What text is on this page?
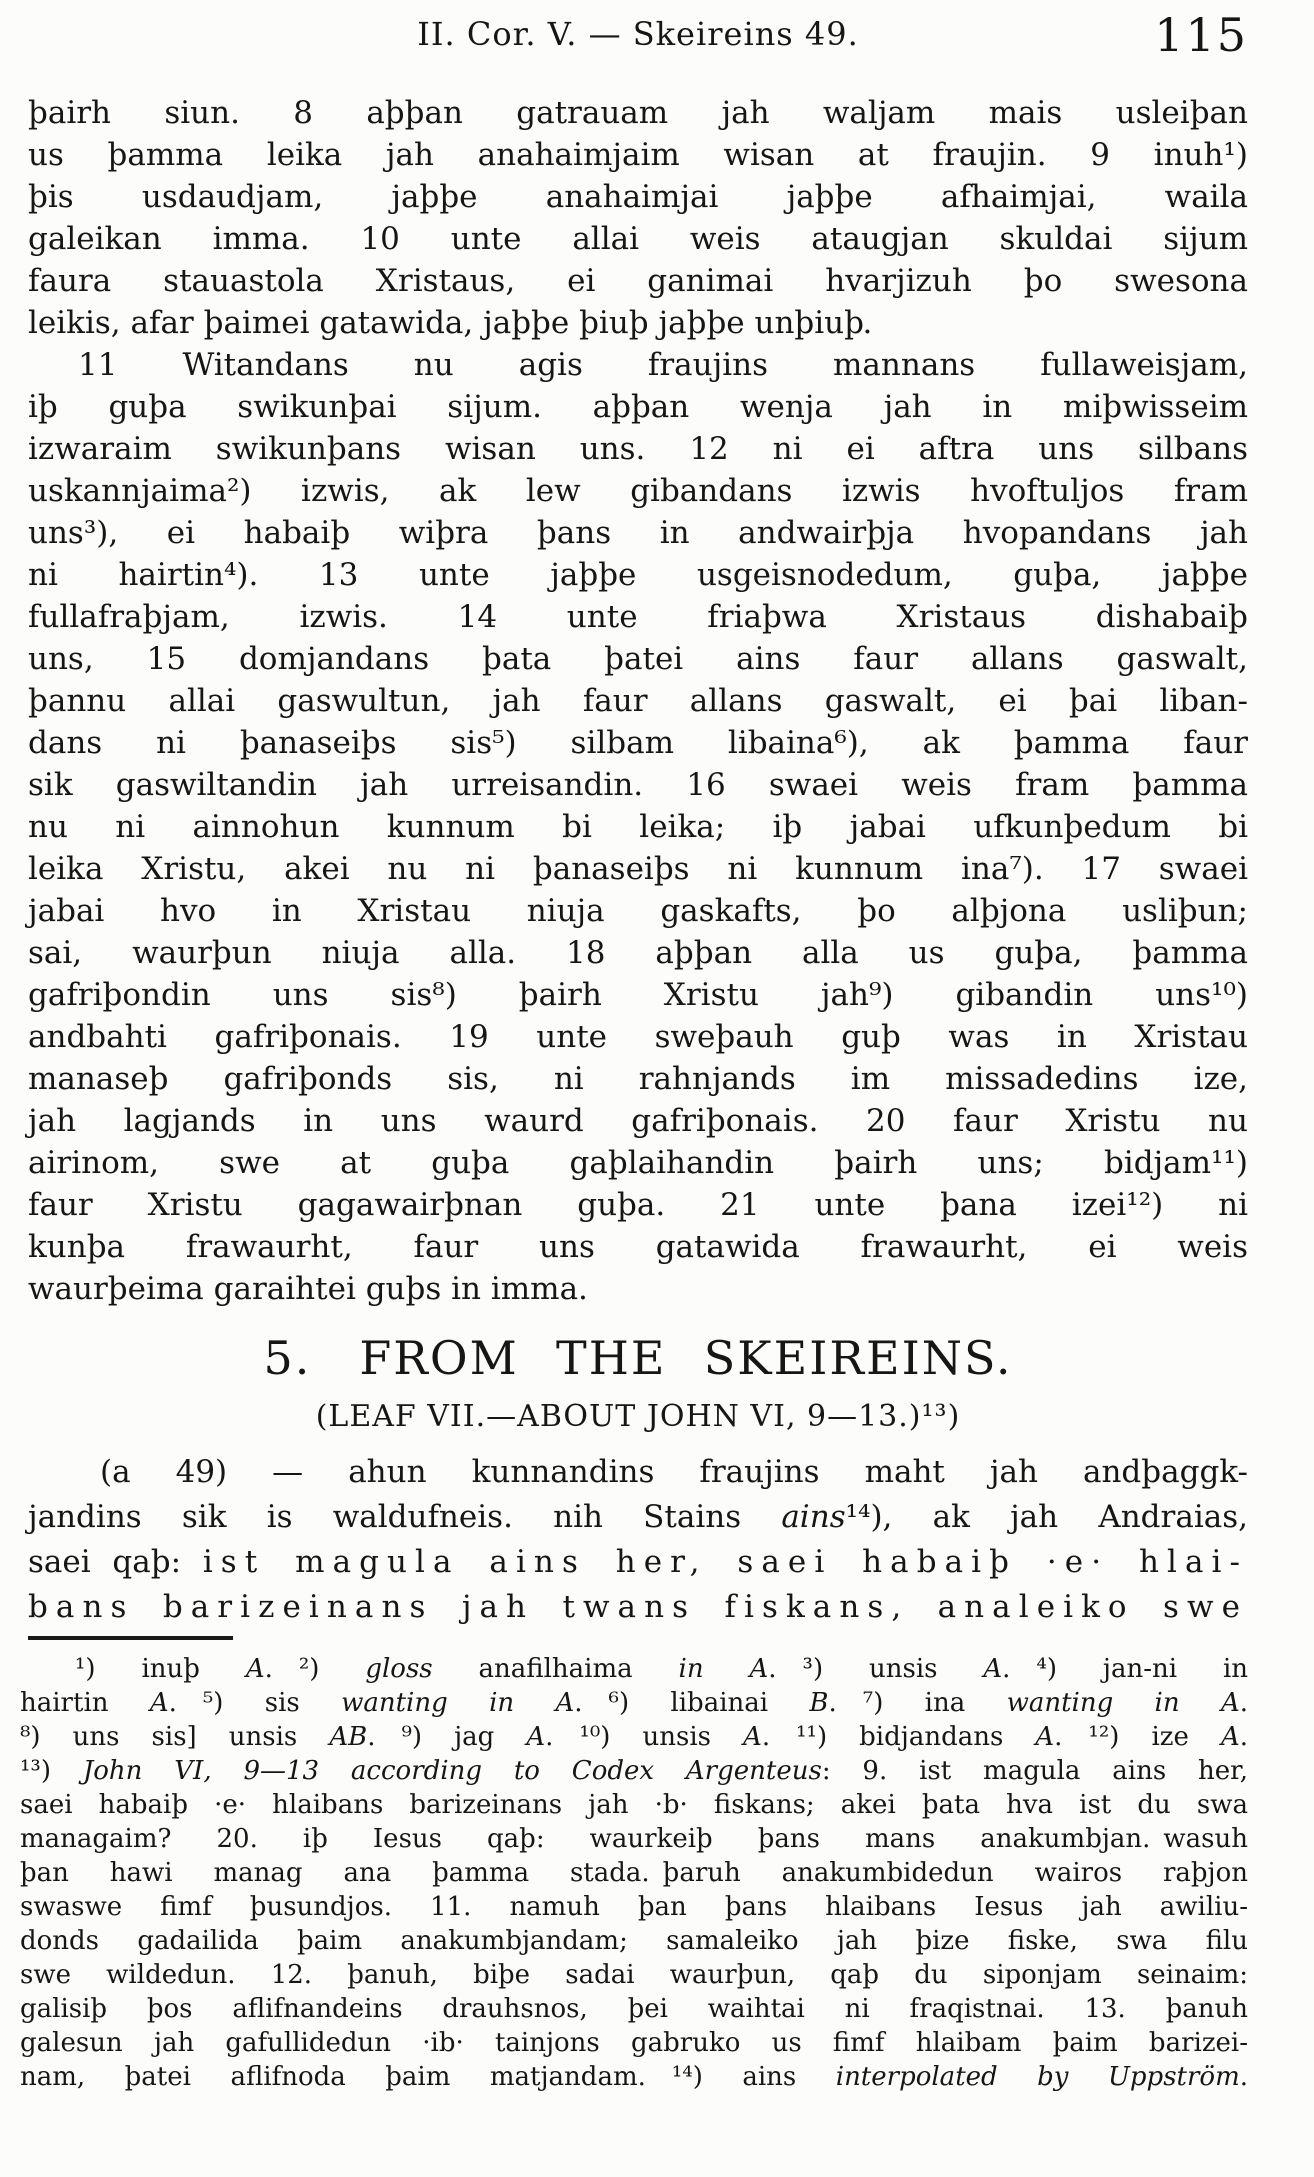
II. Cor. V. — Skeireins 49.	115
þairh siun. 8 aþþan gatrauam jah waljam mais usleiþan
us þamma leika jah anahaimjaim wisan at fraujin. 9 inuh¹)
þis usdaudjam, jaþþe anahaimjai jaþþe afhaimjai, waila
galeikan imma. 10 unte allai weis ataugjan skuldai sijum
faura stauastola Xristaus, ei ganimai hvarjizuh þo swesona
leikis, afar þaimei gatawida, jaþþe þiuþ jaþþe unþiuþ.
11 Witandans nu agis fraujins mannans fullaweisjam,
iþ guþa swikunþai sijum. aþþan wenja jah in miþwisseim
izwaraim swikunþans wisan uns. 12 ni ei aftra uns silbans
uskannjaima²) izwis, ak lew gibandans izwis hvoftuljos fram
uns³), ei habaiþ wiþra þans in andwairþja hvopandans jah
ni hairtin⁴). 13 unte jaþþe usgeisnodedum, guþa, jaþþe
fullafraþjam, izwis. 14 unte friaþwa Xristaus dishabaiþ
uns, 15 domjandans þata þatei ains faur allans gaswalt,
þannu allai gaswultun, jah faur allans gaswalt, ei þai liban-
dans ni þanaseiþs sis⁵) silbam libaina⁶), ak þamma faur
sik gaswiltandin jah urreisandin. 16 swaei weis fram þamma
nu ni ainnohun kunnum bi leika; iþ jabai ufkunþedum bi
leika Xristu, akei nu ni þanaseiþs ni kunnum ina⁷). 17 swaei
jabai hvo in Xristau niuja gaskafts, þo alþjona usliþun;
sai, waurþun niuja alla. 18 aþþan alla us guþa, þamma
gafriþondin uns sis⁸) þairh Xristu jah⁹) gibandin uns¹⁰)
andbahti gafriþonais. 19 unte sweþauh guþ was in Xristau
manaseþ gafriþonds sis, ni rahnjands im missadedins ize,
jah lagjands in uns waurd gafriþonais. 20 faur Xristu nu
airinom, swe at guþa gaþlaihandin þairh uns; bidjam¹¹)
faur Xristu gagawairþnan guþa. 21 unte þana izei¹²) ni
kunþa frawaurht, faur uns gatawida frawaurht, ei weis
waurþeima garaihtei guþs in imma.
5. FROM THE SKEIREINS.
(LEAF VII.—ABOUT JOHN VI, 9—13.)¹³)
(a 49) — ahun kunnandins fraujins maht jah andþaggk-
jandins sik is waldufneis. nih Stains ains¹⁴), ak jah Andraias,
saei qaþ: ist magula ains her, saei habaiþ ·e· hlai-
bans barizeinans jah twans fiskans, analeiko swe
¹) inuþ A. ²) gloss anafilhaima in A. ³) unsis A. ⁴) jan-ni in
hairtin A. ⁵) sis wanting in A. ⁶) libainai B. ⁷) ina wanting in A.
⁸) uns sis] unsis AB. ⁹) jag A. ¹⁰) unsis A. ¹¹) bidjandans A. ¹²) ize A.
¹³) John VI, 9—13 according to Codex Argenteus: 9. ist magula ains her,
saei habaiþ ·e· hlaibans barizeinans jah ·b· fiskans; akei þata hva ist du swa
managaim? 20. iþ Iesus qaþ: waurkeiþ þans mans anakumbjan. wasuh
þan hawi manag ana þamma stada. þaruh anakumbidedun wairos raþjon
swaswe fimf þusundjos. 11. namuh þan þans hlaibans Iesus jah awiliu-
donds gadailida þaim anakumbjandam; samaleiko jah þize fiske, swa filu
swe wildedun. 12. þanuh, biþe sadai waurþun, qaþ du siponjam seinaim:
galisiþ þos aflifnandeins drauhsnos, þei waihtai ni fraqistnai. 13. þanuh
galesun jah gafullidedun ·ib· tainjons gabruko us fimf hlaibam þaim barizei-
nam, þatei aflifnoda þaim matjandam. ¹⁴) ains interpolated by Uppström.
